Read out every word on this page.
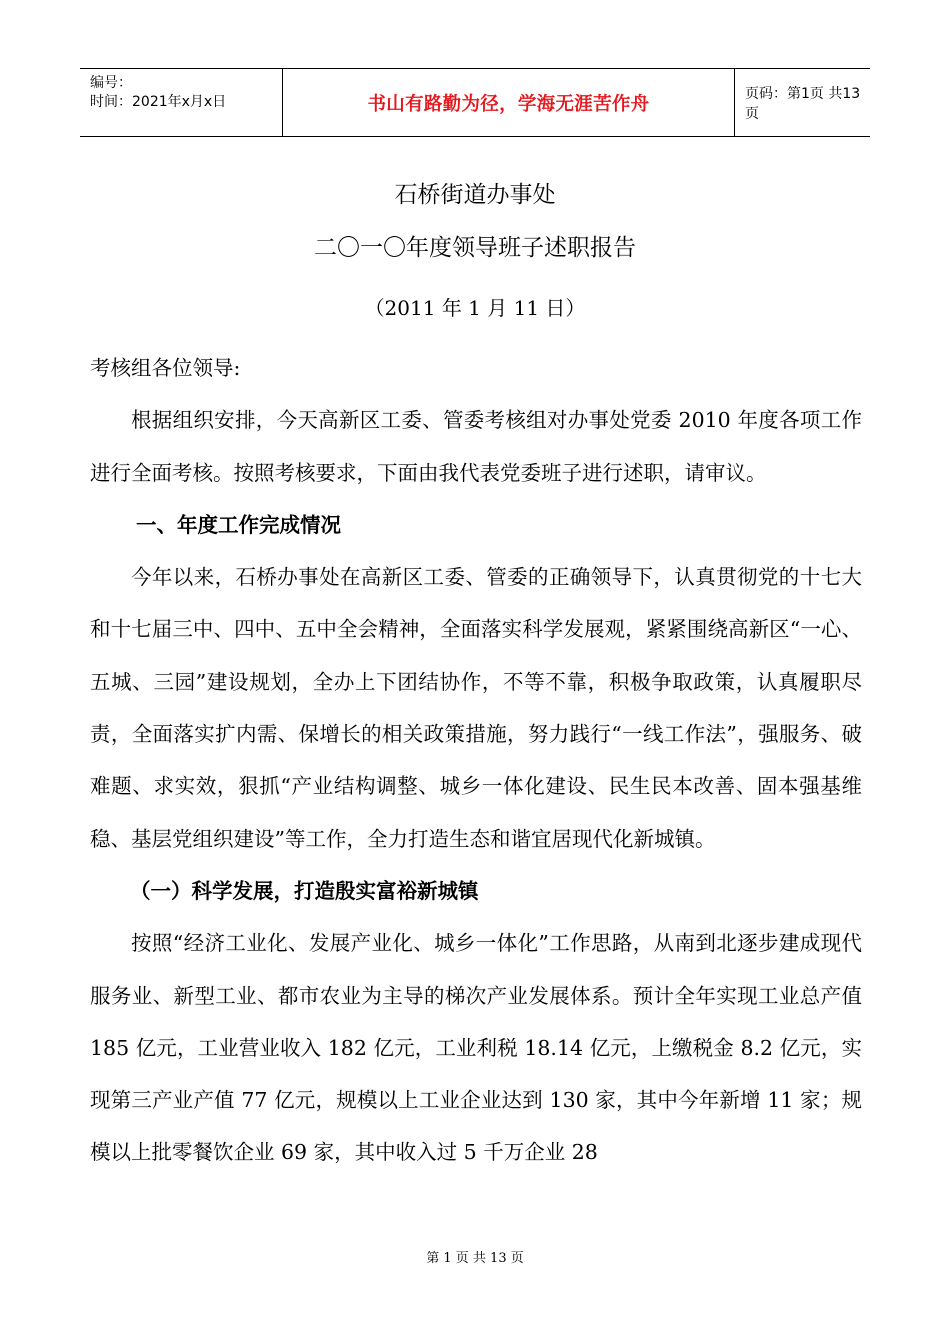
编号：
时间：2021年x月x日	书山有路勤为径，学海无涯苦作舟	页码：第1页 共13页
石桥街道办事处
二〇一〇年度领导班子述职报告
（2011 年 1 月 11 日）

考核组各位领导:

根据组织安排，今天高新区工委、管委考核组对办事处党委 2010 年度各项工作进行全面考核。按照考核要求，下面由我代表党委班子进行述职，请审议。

一、年度工作完成情况

今年以来，石桥办事处在高新区工委、管委的正确领导下，认真贯彻党的十七大和十七届三中、四中、五中全会精神，全面落实科学发展观，紧紧围绕高新区“一心、五城、三园”建设规划，全办上下团结协作，不等不靠，积极争取政策，认真履职尽责，全面落实扩内需、保增长的相关政策措施，努力践行“一线工作法”，强服务、破难题、求实效，狠抓“产业结构调整、城乡一体化建设、民生民本改善、固本强基维稳、基层党组织建设”等工作，全力打造生态和谐宜居现代化新城镇。

（一）科学发展，打造殷实富裕新城镇

按照“经济工业化、发展产业化、城乡一体化”工作思路，从南到北逐步建成现代服务业、新型工业、都市农业为主导的梯次产业发展体系。预计全年实现工业总产值 185 亿元，工业营业收入 182 亿元，工业利税 18.14 亿元，上缴税金 8.2 亿元，实现第三产业产值 77 亿元，规模以上工业企业达到 130 家，其中今年新增 11 家；规模以上批零餐饮企业 69 家，其中收入过 5 千万企业 28

第 1 页 共 13 页
